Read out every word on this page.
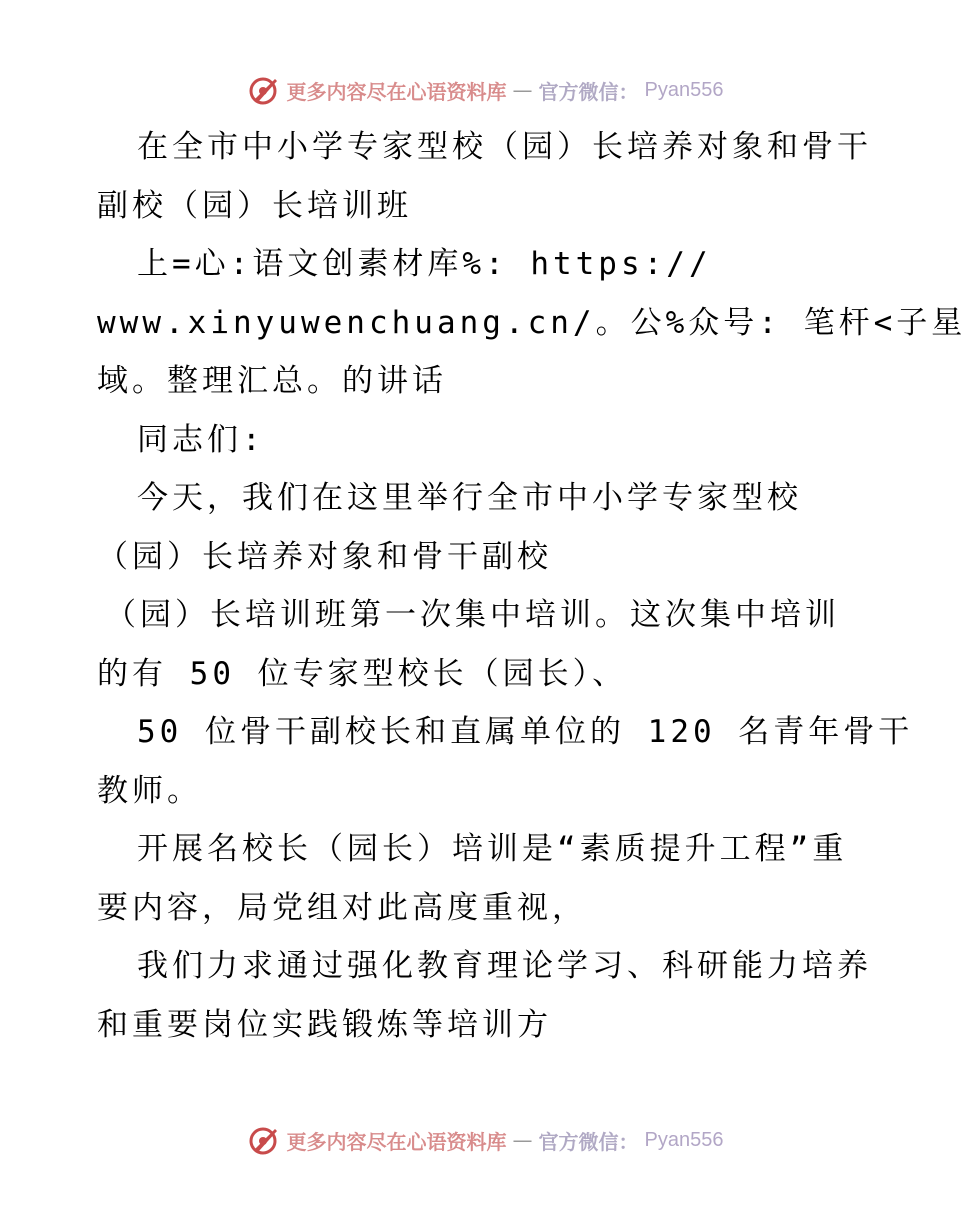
更多内容尽在心语资料库 — 官方微信： Pyan556
在全市中小学专家型校（园）长培养对象和骨干
副校（园）长培训班
上=心:语文创素材库%: https://
www.xinyuwenchuang.cn/。公%众号: 笔杆<子星
域。整理汇总。的讲话
同志们:
今天，我们在这里举行全市中小学专家型校
（园）长培养对象和骨干副校
（园）长培训班第一次集中培训。这次集中培训
的有 50 位专家型校长（园长）、
50 位骨干副校长和直属单位的 120 名青年骨干
教师。
开展名校长（园长）培训是“素质提升工程”重
要内容，局党组对此高度重视，
我们力求通过强化教育理论学习、科研能力培养
和重要岗位实践锻炼等培训方
更多内容尽在心语资料库 — 官方微信： Pyan556
